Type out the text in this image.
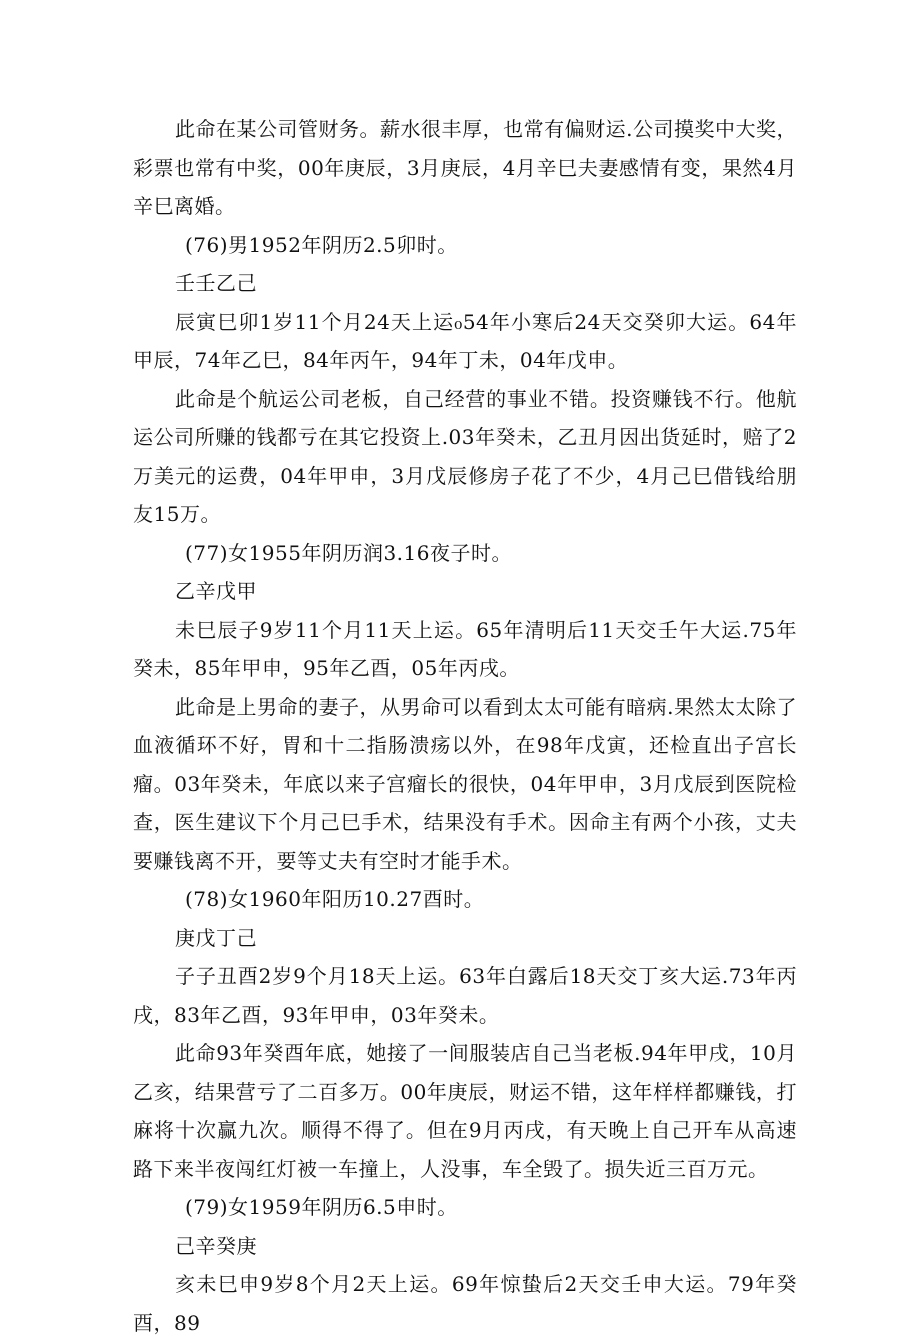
此命在某公司管财务。薪水很丰厚，也常有偏财运.公司摸奖中大奖，彩票也常有中奖，00年庚辰，3月庚辰，4月辛巳夫妻感情有变，果然4月辛巳离婚。

(76)男1952年阴历2.5卯时。

壬壬乙己

辰寅巳卯1岁11个月24天上运₀54年小寒后24天交癸卯大运。64年甲辰，74年乙巳，84年丙午，94年丁未，04年戊申。

此命是个航运公司老板，自己经营的事业不错。投资赚钱不行。他航运公司所赚的钱都亏在其它投资上.03年癸未，乙丑月因出货延时，赔了2万美元的运费，04年甲申，3月戊辰修房子花了不少，4月己巳借钱给朋友15万。

(77)女1955年阴历润3.16夜子时。

乙辛戊甲

未巳辰子9岁11个月11天上运。65年清明后11天交壬午大运.75年癸未，85年甲申，95年乙酉，05年丙戌。

此命是上男命的妻子，从男命可以看到太太可能有暗病.果然太太除了血液循环不好，胃和十二指肠溃疡以外，在98年戊寅，还检直出子宫长瘤。03年癸未，年底以来子宫瘤长的很快，04年甲申，3月戊辰到医院检查，医生建议下个月己巳手术，结果没有手术。因命主有两个小孩，丈夫要赚钱离不开，要等丈夫有空时才能手术。

(78)女1960年阳历10.27酉时。

庚戊丁己

子子丑酉2岁9个月18天上运。63年白露后18天交丁亥大运.73年丙戌，83年乙酉，93年甲申，03年癸未。

此命93年癸酉年底，她接了一间服装店自己当老板.94年甲戌，10月乙亥，结果营亏了二百多万。00年庚辰，财运不错，这年样样都赚钱，打麻将十次赢九次。顺得不得了。但在9月丙戌，有天晚上自己开车从高速路下来半夜闯红灯被一车撞上，人没事，车全毁了。损失近三百万元。

(79)女1959年阴历6.5申时。

己辛癸庚

亥未巳申9岁8个月2天上运。69年惊蛰后2天交壬申大运。79年癸酉，89
